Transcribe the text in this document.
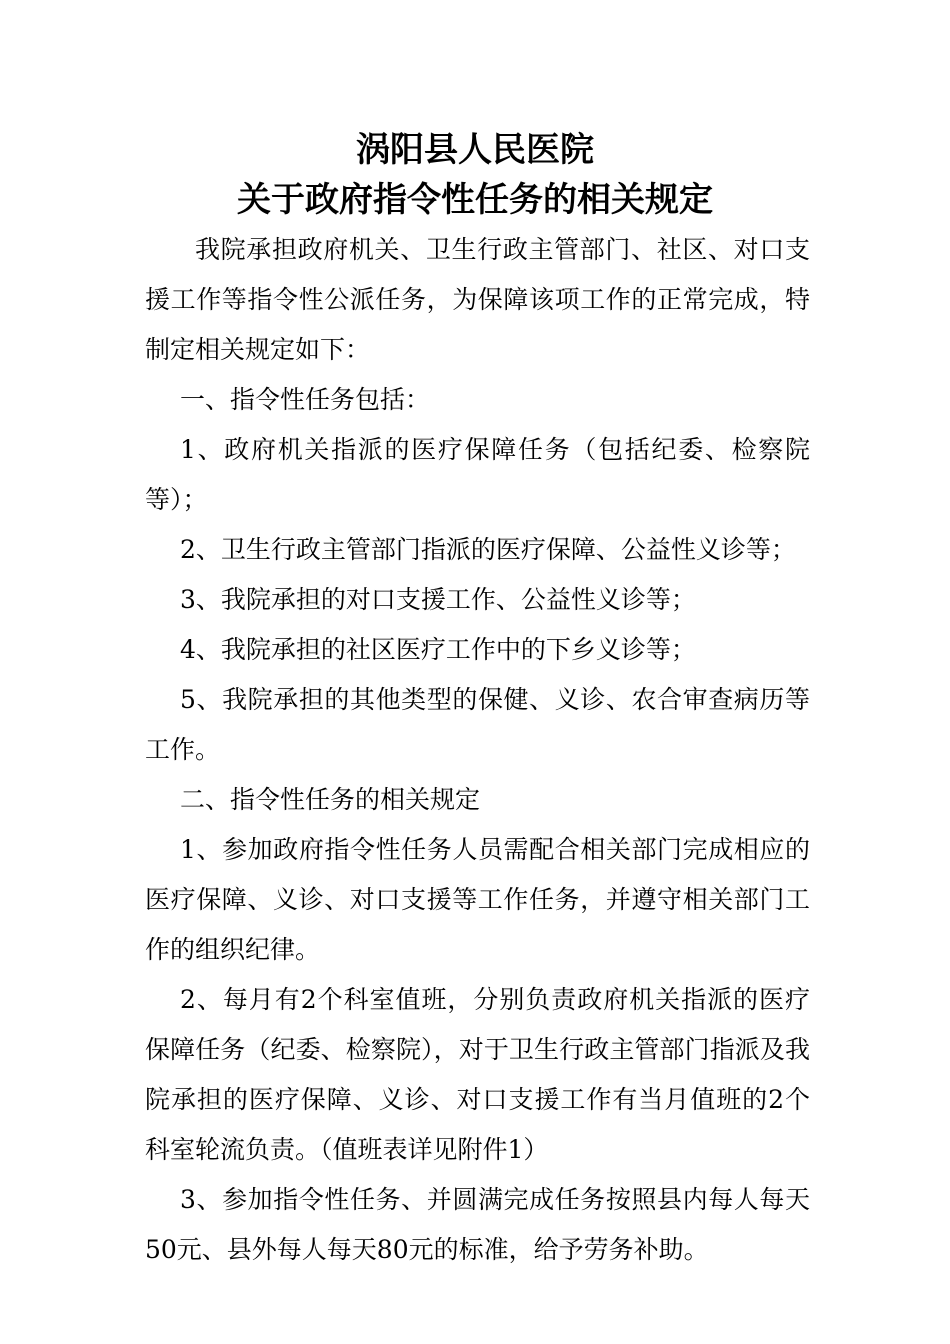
涡阳县人民医院
关于政府指令性任务的相关规定

我院承担政府机关、卫生行政主管部门、社区、对口支援工作等指令性公派任务，为保障该项工作的正常完成，特制定相关规定如下：

一、指令性任务包括：

1、政府机关指派的医疗保障任务（包括纪委、检察院等）；

2、卫生行政主管部门指派的医疗保障、公益性义诊等；

3、我院承担的对口支援工作、公益性义诊等；

4、我院承担的社区医疗工作中的下乡义诊等；

5、我院承担的其他类型的保健、义诊、农合审查病历等工作。

二、指令性任务的相关规定

1、参加政府指令性任务人员需配合相关部门完成相应的医疗保障、义诊、对口支援等工作任务，并遵守相关部门工作的组织纪律。

2、每月有2个科室值班，分别负责政府机关指派的医疗保障任务（纪委、检察院），对于卫生行政主管部门指派及我院承担的医疗保障、义诊、对口支援工作有当月值班的2个科室轮流负责。（值班表详见附件1）

3、参加指令性任务、并圆满完成任务按照县内每人每天50元、县外每人每天80元的标准，给予劳务补助。
